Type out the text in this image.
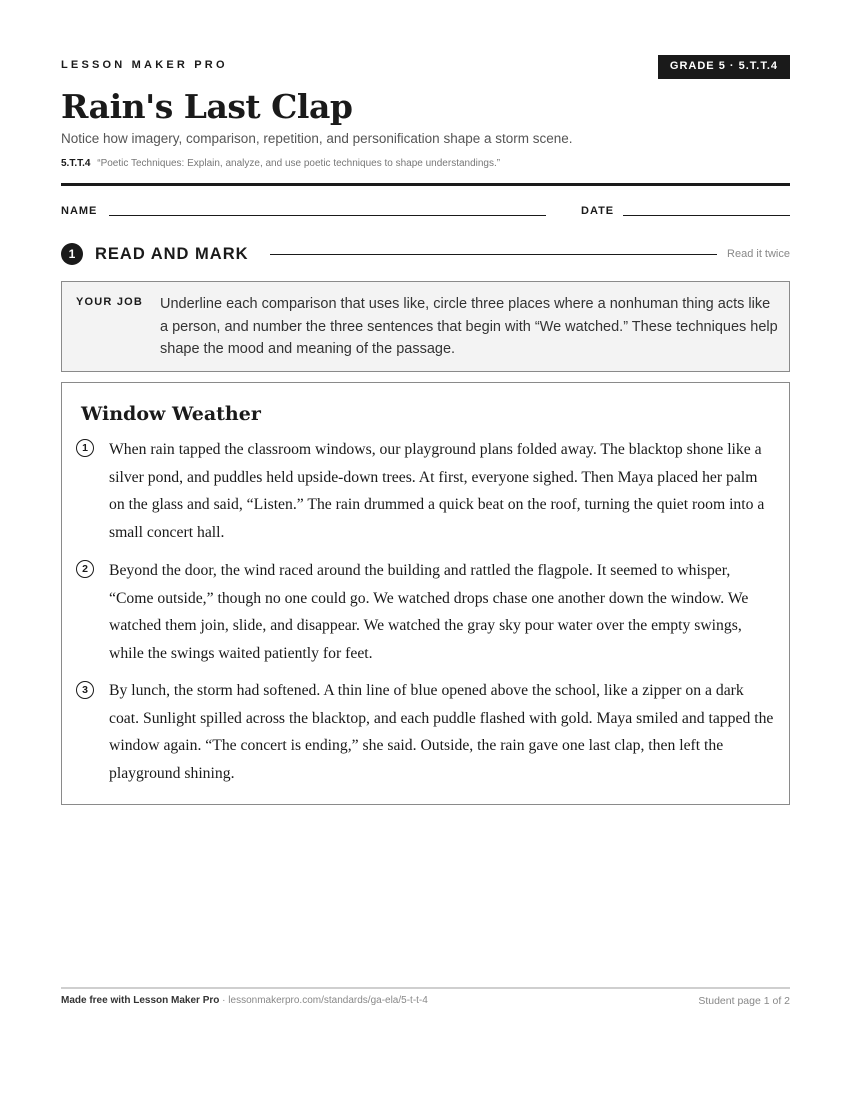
LESSON MAKER PRO	GRADE 5 · 5.T.T.4
Rain's Last Clap
Notice how imagery, comparison, repetition, and personification shape a storm scene.
5.T.T.4 “Poetic Techniques: Explain, analyze, and use poetic techniques to shape understandings.”
NAME	DATE
1	READ AND MARK	Read it twice
YOUR JOB Underline each comparison that uses like, circle three places where a nonhuman thing acts like a person, and number the three sentences that begin with “We watched.” These techniques help shape the mood and meaning of the passage.
Window Weather
1	When rain tapped the classroom windows, our playground plans folded away. The blacktop shone like a silver pond, and puddles held upside-down trees. At first, everyone sighed. Then Maya placed her palm on the glass and said, “Listen.” The rain drummed a quick beat on the roof, turning the quiet room into a small concert hall.

2	Beyond the door, the wind raced around the building and rattled the flagpole. It seemed to whisper, “Come outside,” though no one could go. We watched drops chase one another down the window. We watched them join, slide, and disappear. We watched the gray sky pour water over the empty swings, while the swings waited patiently for feet.

3	By lunch, the storm had softened. A thin line of blue opened above the school, like a zipper on a dark coat. Sunlight spilled across the blacktop, and each puddle flashed with gold. Maya smiled and tapped the window again. “The concert is ending,” she said. Outside, the rain gave one last clap, then left the playground shining.

Made free with Lesson Maker Pro · lessonmakerpro.com/standards/ga-ela/5-t-t-4	Student page 1 of 2
